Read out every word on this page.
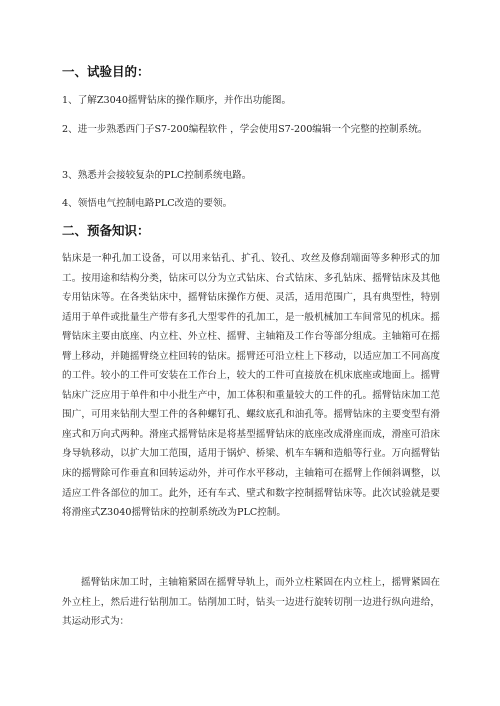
一、试验目的：
1、了解Z3040摇臂钻床的操作顺序，并作出功能图。
2、进一步熟悉西门子S7-200编程软件 ，学会使用S7-200编辑一个完整的控制系统。
3、熟悉并会接较复杂的PLC控制系统电路。
4、领悟电气控制电路PLC改造的要领。
二、预备知识：
钻床是一种孔加工设备，可以用来钻孔、扩孔、铰孔、攻丝及修刮端面等多种形式的加工。按用途和结构分类，钻床可以分为立式钻床、台式钻床、多孔钻床、摇臂钻床及其他专用钻床等。在各类钻床中，摇臂钻床操作方便、灵活，适用范围广，具有典型性，特别适用于单件或批量生产带有多孔大型零件的孔加工，是一般机械加工车间常见的机床。摇臂钻床主要由底座、内立柱、外立柱、摇臂、主轴箱及工作台等部分组成。主轴箱可在摇臂上移动，并随摇臂绕立柱回转的钻床。摇臂还可沿立柱上下移动，以适应加工不同高度的工件。较小的工件可安装在工作台上，较大的工件可直接放在机床底座或地面上。摇臂钻床广泛应用于单件和中小批生产中，加工体积和重量较大的工件的孔。摇臂钻床加工范围广，可用来钻削大型工件的各种螺钉孔、螺纹底孔和油孔等。摇臂钻床的主要变型有滑座式和万向式两种。滑座式摇臂钻床是将基型摇臂钻床的底座改成滑座而成，滑座可沿床身导轨移动，以扩大加工范围，适用于锅炉、桥梁、机车车辆和造船等行业。万向摇臂钻床的摇臂除可作垂直和回转运动外，并可作水平移动，主轴箱可在摇臂上作倾斜调整，以适应工件各部位的加工。此外，还有车式、壁式和数字控制摇臂钻床等。此次试验就是要将滑座式Z3040摇臂钻床的控制系统改为PLC控制。
摇臂钻床加工时，主轴箱紧固在摇臂导轨上，而外立柱紧固在内立柱上，摇臂紧固在外立柱上，然后进行钻削加工。钻削加工时，钻头一边进行旋转切削一边进行纵向进给，其运动形式为：
